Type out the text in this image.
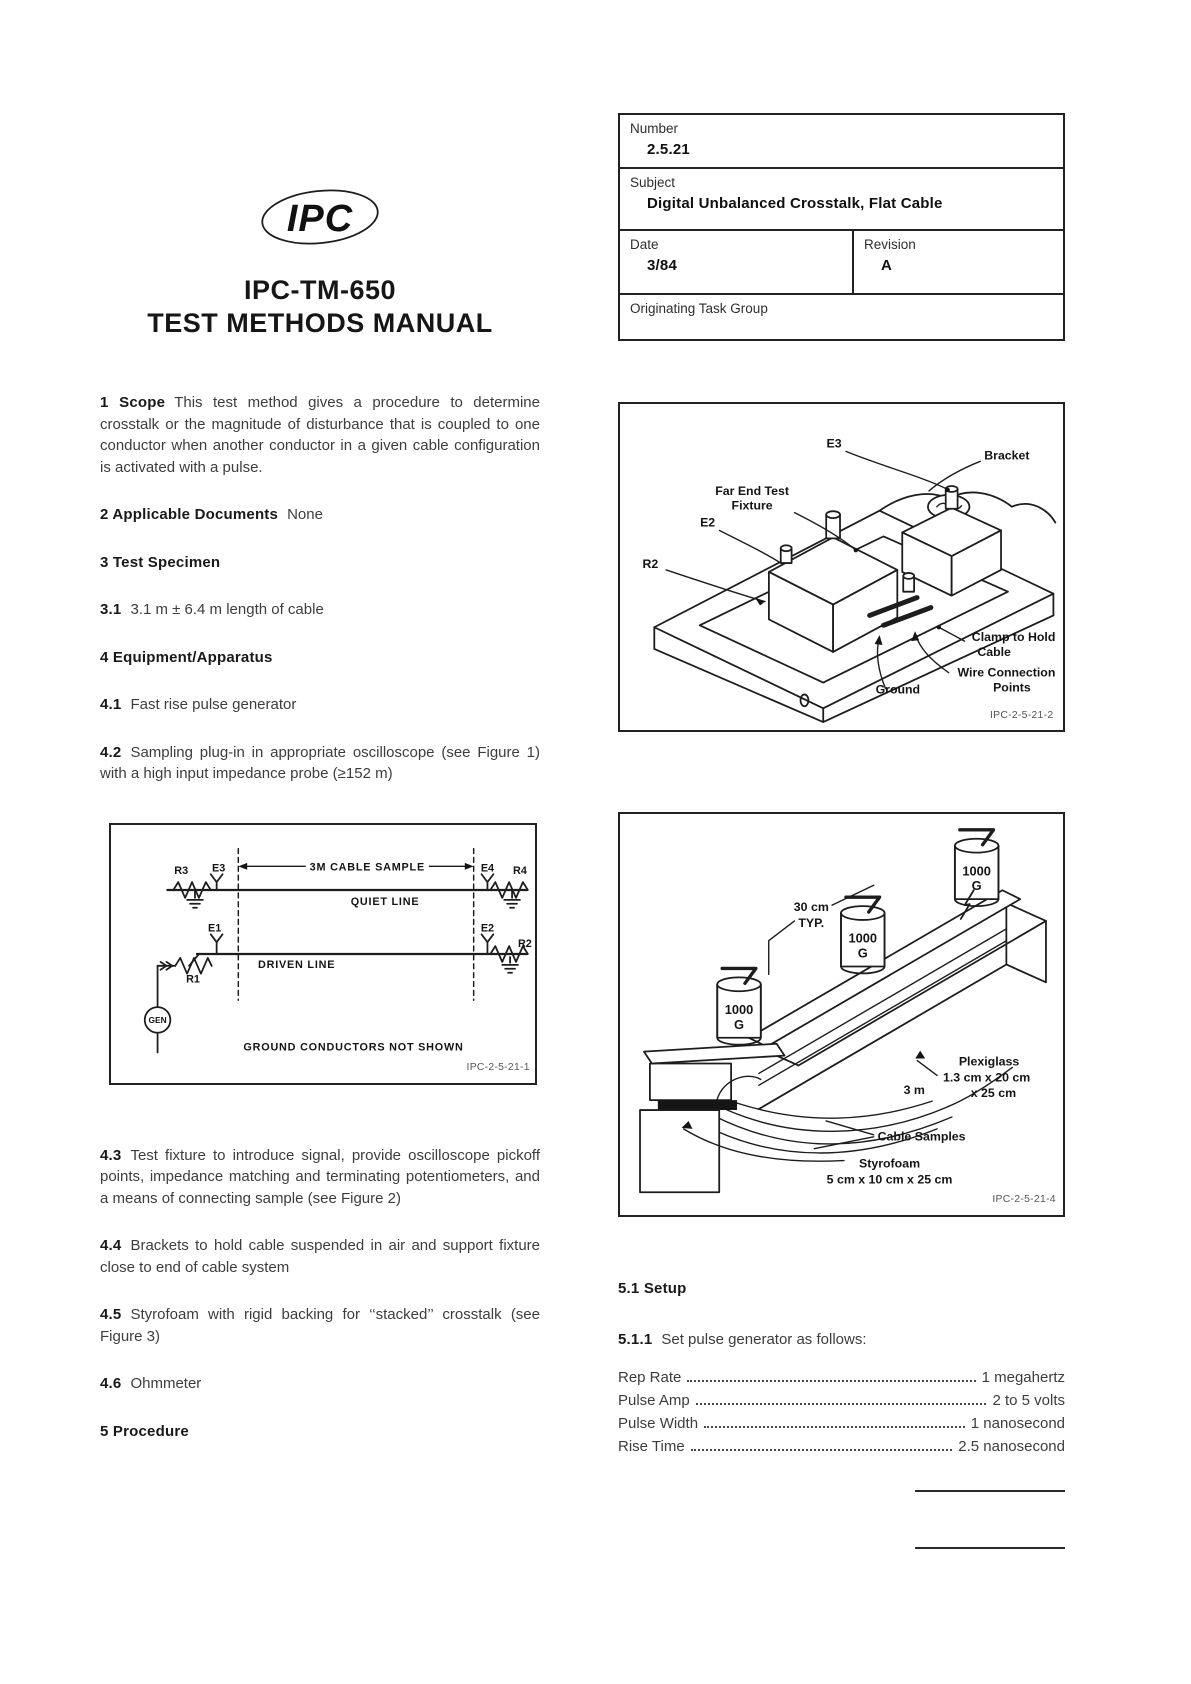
IPC
IPC-TM-650
TEST METHODS MANUAL

1 Scope This test method gives a procedure to determine crosstalk or the magnitude of disturbance that is coupled to one conductor when another conductor in a given cable configuration is activated with a pulse.

2 Applicable Documents None

3 Test Specimen

3.1 3.1 m ± 6.4 m length of cable

4 Equipment/Apparatus

4.1 Fast rise pulse generator

4.2 Sampling plug-in in appropriate oscilloscope (see Figure 1) with a high input impedance probe (≥152 m)

3M CABLE SAMPLE
R3 E3	E4 R4
QUIET LINE
E1	E2
R2
DRIVEN LINE
R1
GEN
GROUND CONDUCTORS NOT SHOWN
IPC-2-5-21-1

4.3 Test fixture to introduce signal, provide oscilloscope pickoff points, impedance matching and terminating potentiometers, and a means of connecting sample (see Figure 2)

4.4 Brackets to hold cable suspended in air and support fixture close to end of cable system

4.5 Styrofoam with rigid backing for ‘‘stacked’’ crosstalk (see Figure 3)

4.6 Ohmmeter

5 Procedure

Number
2.5.21
Subject
Digital Unbalanced Crosstalk, Flat Cable
Date
3/84
Revision
A
Originating Task Group
E3
Bracket
Far End Test
Fixture
E2
R2
Clamp to Hold
Cable
Wire Connection
Points
Ground
IPC-2-5-21-2
1000
G
1000
G
1000
G
30 cm
TYP.
Plexiglass
1.3 cm x 20 cm
x 25 cm
3 m
Cable Samples
Styrofoam
5 cm x 10 cm x 25 cm
IPC-2-5-21-4

5.1 Setup

5.1.1 Set pulse generator as follows:

Rep Rate	1 megahertz
Pulse Amp	2 to 5 volts
Pulse Width	1 nanosecond
Rise Time	2.5 nanosecond
